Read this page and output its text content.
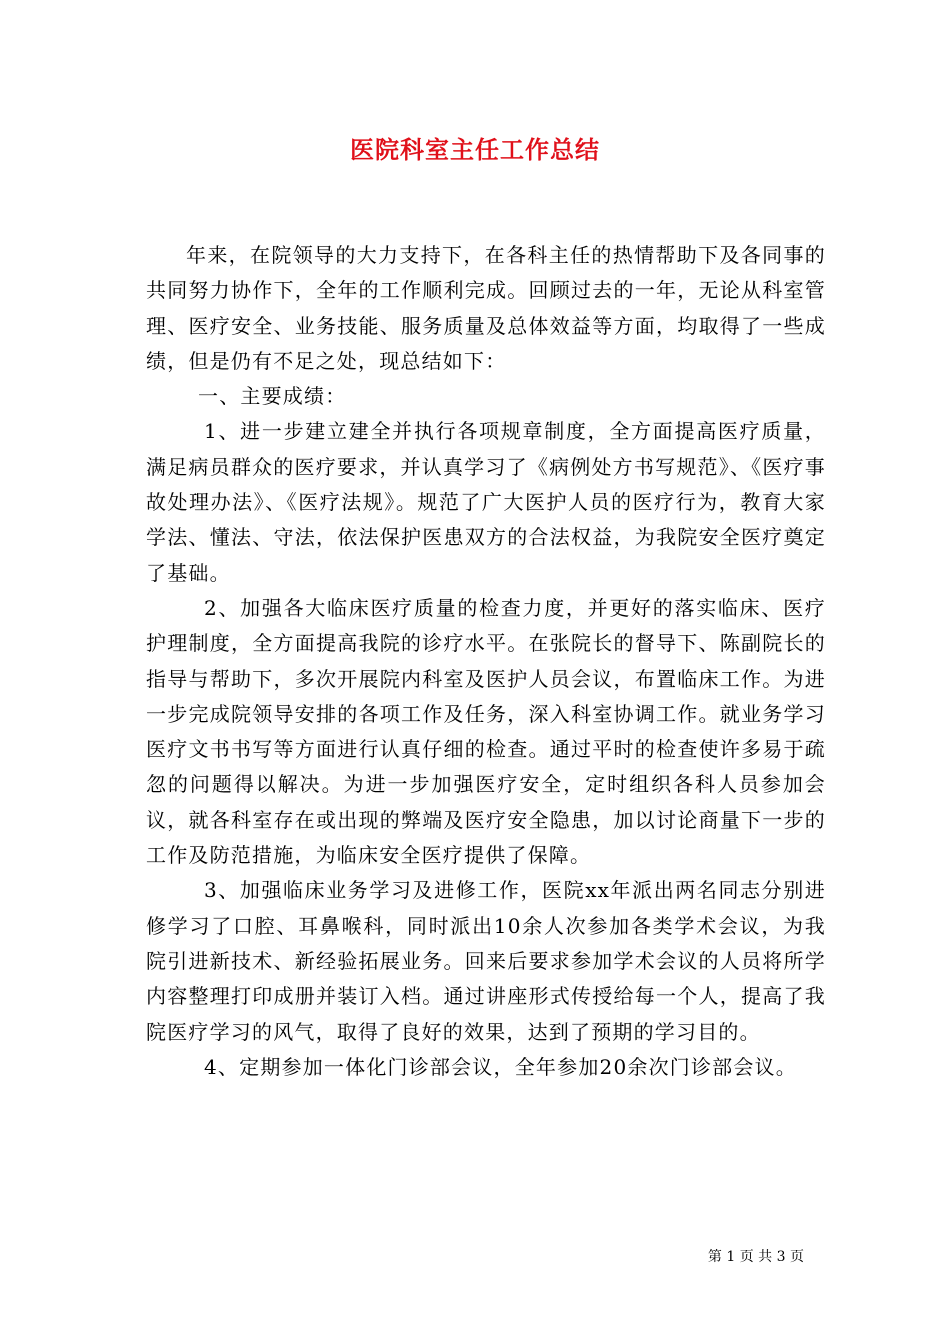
医院科室主任工作总结

年来，在院领导的大力支持下，在各科主任的热情帮助下及各同事的共同努力协作下，全年的工作顺利完成。回顾过去的一年，无论从科室管理、医疗安全、业务技能、服务质量及总体效益等方面，均取得了一些成绩，但是仍有不足之处，现总结如下：

一、主要成绩：

1、进一步建立建全并执行各项规章制度，全方面提高医疗质量，满足病员群众的医疗要求，并认真学习了《病例处方书写规范》、《医疗事故处理办法》、《医疗法规》。规范了广大医护人员的医疗行为，教育大家学法、懂法、守法，依法保护医患双方的合法权益，为我院安全医疗奠定了基础。

2、加强各大临床医疗质量的检查力度，并更好的落实临床、医疗护理制度，全方面提高我院的诊疗水平。在张院长的督导下、陈副院长的指导与帮助下，多次开展院内科室及医护人员会议，布置临床工作。为进一步完成院领导安排的各项工作及任务，深入科室协调工作。就业务学习医疗文书书写等方面进行认真仔细的检查。通过平时的检查使许多易于疏忽的问题得以解决。为进一步加强医疗安全，定时组织各科人员参加会议，就各科室存在或出现的弊端及医疗安全隐患，加以讨论商量下一步的工作及防范措施，为临床安全医疗提供了保障。

3、加强临床业务学习及进修工作，医院xx年派出两名同志分别进修学习了口腔、耳鼻喉科，同时派出10余人次参加各类学术会议，为我院引进新技术、新经验拓展业务。回来后要求参加学术会议的人员将所学内容整理打印成册并装订入档。通过讲座形式传授给每一个人，提高了我院医疗学习的风气，取得了良好的效果，达到了预期的学习目的。

4、定期参加一体化门诊部会议，全年参加20余次门诊部会议。

第 1 页 共 3 页
